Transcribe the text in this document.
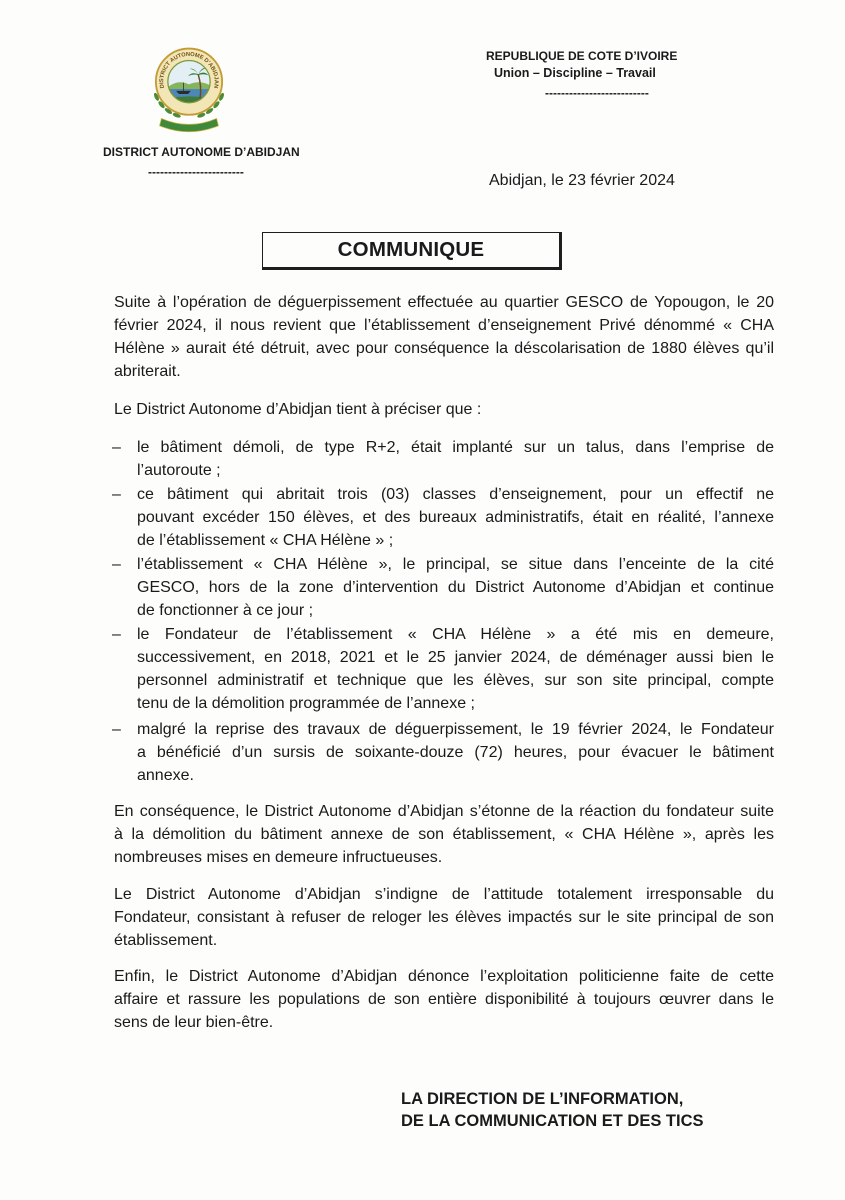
DISTRICT AUTONOME D’ABIDJAN
DISTRICT AUTONOME D’ABIDJAN
------------------------
REPUBLIQUE DE COTE D’IVOIRE
Union – Discipline – Travail
--------------------------
Abidjan, le 23 février 2024
COMMUNIQUE
Suite à l’opération de déguerpissement effectuée au quartier GESCO de Yopougon, le 20
février 2024, il nous revient que l’établissement d’enseignement Privé dénommé « CHA
Hélène » aurait été détruit, avec pour conséquence la déscolarisation de 1880 élèves qu’il
abriterait.
Le District Autonome d’Abidjan tient à préciser que :
–	le bâtiment démoli, de type R+2, était implanté sur un talus, dans l’emprise de
l’autoroute ;
–	ce bâtiment qui abritait trois (03) classes d’enseignement, pour un effectif ne
pouvant excéder 150 élèves, et des bureaux administratifs, était en réalité, l’annexe
de l’établissement « CHA Hélène » ;
–	l’établissement « CHA Hélène », le principal, se situe dans l’enceinte de la cité
GESCO, hors de la zone d’intervention du District Autonome d’Abidjan et continue
de fonctionner à ce jour ;
–	le Fondateur de l’établissement « CHA Hélène » a été mis en demeure,
successivement, en 2018, 2021 et le 25 janvier 2024, de déménager aussi bien le
personnel administratif et technique que les élèves, sur son site principal, compte
tenu de la démolition programmée de l’annexe ;
–	malgré la reprise des travaux de déguerpissement, le 19 février 2024, le Fondateur
a bénéficié d’un sursis de soixante-douze (72) heures, pour évacuer le bâtiment
annexe.
En conséquence, le District Autonome d’Abidjan s’étonne de la réaction du fondateur suite
à la démolition du bâtiment annexe de son établissement, « CHA Hélène », après les
nombreuses mises en demeure infructueuses.
Le District Autonome d’Abidjan s’indigne de l’attitude totalement irresponsable du
Fondateur, consistant à refuser de reloger les élèves impactés sur le site principal de son
établissement.
Enfin, le District Autonome d’Abidjan dénonce l’exploitation politicienne faite de cette
affaire et rassure les populations de son entière disponibilité à toujours œuvrer dans le
sens de leur bien-être.
LA DIRECTION DE L’INFORMATION,
DE LA COMMUNICATION ET DES TICS
